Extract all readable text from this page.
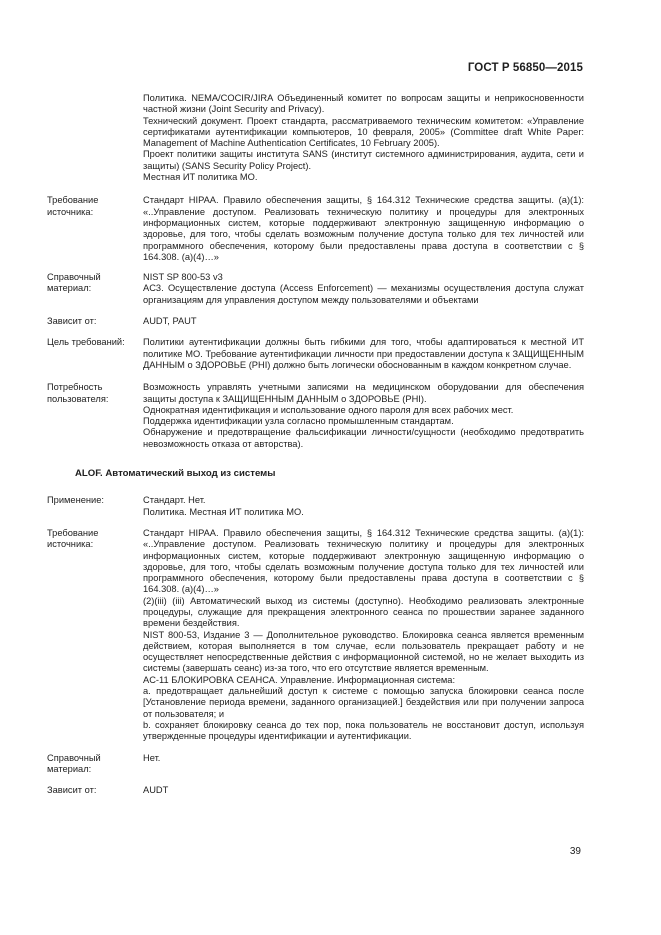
ГОСТ Р 56850—2015

Политика. NEMA/COCIR/JIRA Объединенный комитет по вопросам защиты и неприкосновенности частной жизни (Joint Security and Privacy).

Технический документ. Проект стандарта, рассматриваемого техническим комитетом: «Управление сертификатами аутентификации компьютеров, 10 февраля, 2005» (Committee draft White Paper: Management of Machine Authentication Certificates, 10 February 2005).

Проект политики защиты института SANS (институт системного администрирования, аудита, сети и защиты) (SANS Security Policy Project).

Местная ИТ политика МО.

Требование источника:

Стандарт HIPAA. Правило обеспечения защиты, § 164.312 Технические средства защиты. (а)(1): «..Управление доступом. Реализовать техническую политику и процедуры для электронных информационных систем, которые поддерживают электронную защищенную информацию о здоровье, для того, чтобы сделать возможным получение доступа только для тех личностей или программного обеспечения, которому были предоставлены права доступа в соответствии с § 164.308. (а)(4)…»

Справочный материал:

NIST SP 800-53 v3

AC3. Осуществление доступа (Access Enforcement) — механизмы осуществления доступа служат организациям для управления доступом между пользователями и объектами

Зависит от:	AUDT, PAUT

Цель требований:	Политики аутентификации должны быть гибкими для того, чтобы адаптироваться к местной ИТ политике МО. Требование аутентификации личности при предоставлении доступа к ЗАЩИЩЕННЫМ ДАННЫМ о ЗДОРОВЬЕ (PHI) должно быть логически обоснованным в каждом конкретном случае.

Потребность пользователя:

Возможность управлять учетными записями на медицинском оборудовании для обеспечения защиты доступа к ЗАЩИЩЕННЫМ ДАННЫМ о ЗДОРОВЬЕ (PHI).

Однократная идентификация и использование одного пароля для всех рабочих мест.

Поддержка идентификации узла согласно промышленным стандартам.

Обнаружение и предотвращение фальсификации личности/сущности (необходимо предотвратить невозможность отказа от авторства).

ALOF. Автоматический выход из системы
Применение:	Стандарт. Нет.

Политика. Местная ИТ политика МО.

Требование источника:

Стандарт HIPAA. Правило обеспечения защиты, § 164.312 Технические средства защиты. (а)(1): «..Управление доступом. Реализовать техническую политику и процедуры для электронных информационных систем, которые поддерживают электронную защищенную информацию о здоровье, для того, чтобы сделать возможным получение доступа только для тех личностей или программного обеспечения, которому были предоставлены права доступа в соответствии с § 164.308. (а)(4)…»

(2)(iii) (iii) Автоматический выход из системы (доступно). Необходимо реализовать электронные процедуры, служащие для прекращения электронного сеанса по прошествии заранее заданного времени бездействия.

NIST 800-53, Издание 3 — Дополнительное руководство. Блокировка сеанса является временным действием, которая выполняется в том случае, если пользователь прекращает работу и не осуществляет непосредственные действия с информационной системой, но не желает выходить из системы (завершать сеанс) из-за того, что его отсутствие является временным.

AC-11 БЛОКИРОВКА СЕАНСА. Управление. Информационная система:

а. предотвращает дальнейший доступ к системе с помощью запуска блокировки сеанса после [Установление периода времени, заданного организацией.] бездействия или при получении запроса от пользователя; и

b. сохраняет блокировку сеанса до тех пор, пока пользователь не восстановит доступ, используя утвержденные процедуры идентификации и аутентификации.

Справочный материал:

Нет.

Зависит от:	AUDT

39
